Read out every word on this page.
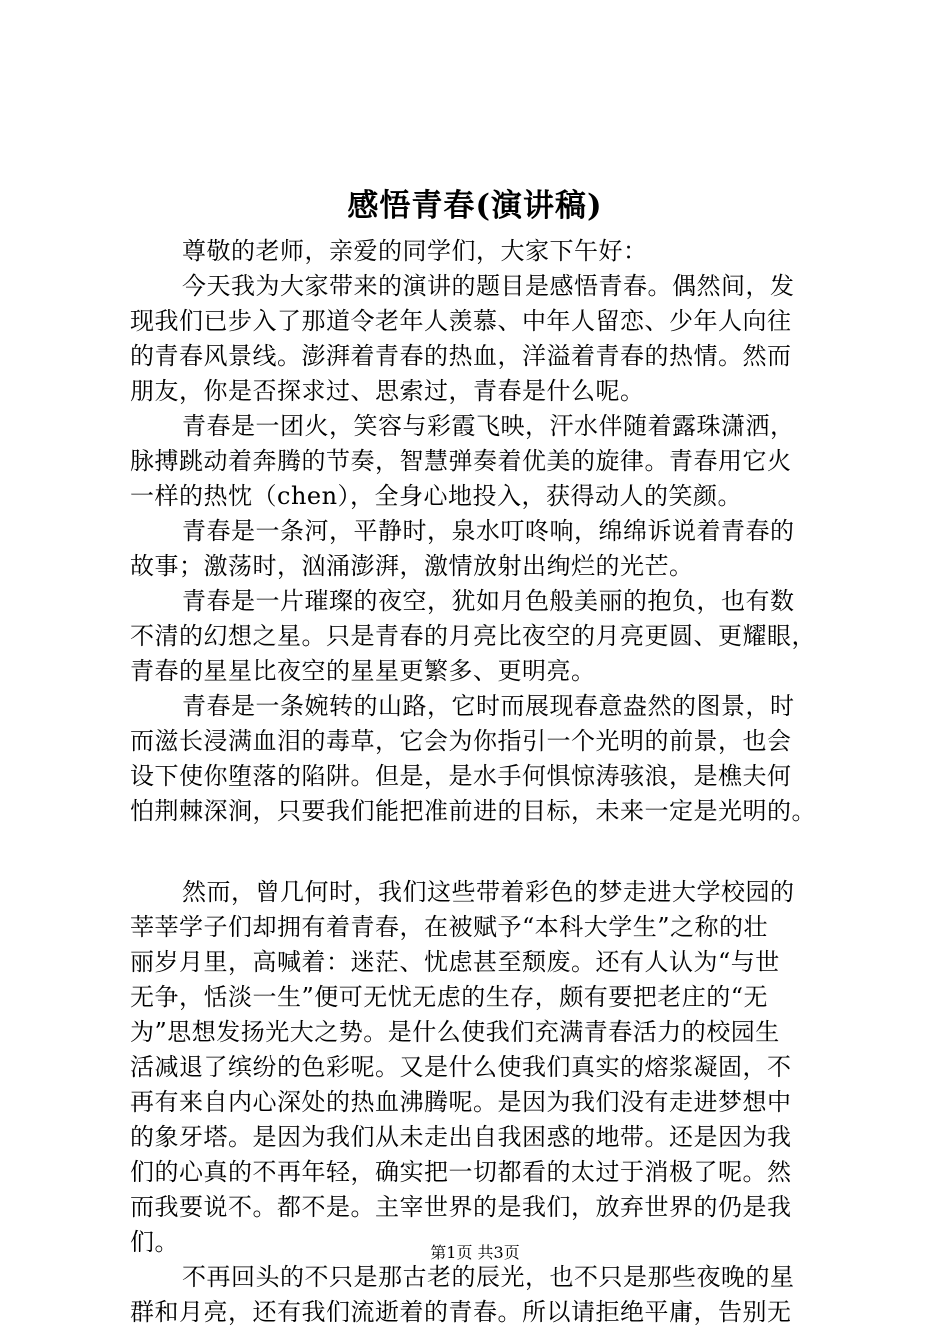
感悟青春(演讲稿)
尊敬的老师，亲爱的同学们，大家下午好：
今天我为大家带来的演讲的题目是感悟青春。偶然间，发
现我们已步入了那道令老年人羡慕、中年人留恋、少年人向往
的青春风景线。澎湃着青春的热血，洋溢着青春的热情。然而
朋友，你是否探求过、思索过，青春是什么呢。
青春是一团火，笑容与彩霞飞映，汗水伴随着露珠潇洒，
脉搏跳动着奔腾的节奏，智慧弹奏着优美的旋律。青春用它火
一样的热忱（chen），全身心地投入，获得动人的笑颜。
青春是一条河，平静时，泉水叮咚响，绵绵诉说着青春的
故事；激荡时，汹涌澎湃，激情放射出绚烂的光芒。
青春是一片璀璨的夜空，犹如月色般美丽的抱负，也有数
不清的幻想之星。只是青春的月亮比夜空的月亮更圆、更耀眼，
青春的星星比夜空的星星更繁多、更明亮。
青春是一条婉转的山路，它时而展现春意盎然的图景，时
而滋长浸满血泪的毒草，它会为你指引一个光明的前景，也会
设下使你堕落的陷阱。但是，是水手何惧惊涛骇浪，是樵夫何
怕荆棘深涧，只要我们能把准前进的目标，未来一定是光明的。
然而，曾几何时，我们这些带着彩色的梦走进大学校园的
莘莘学子们却拥有着青春，在被赋予“本科大学生”之称的壮
丽岁月里，高喊着：迷茫、忧虑甚至颓废。还有人认为“与世
无争，恬淡一生”便可无忧无虑的生存，颇有要把老庄的“无
为”思想发扬光大之势。是什么使我们充满青春活力的校园生
活减退了缤纷的色彩呢。又是什么使我们真实的熔浆凝固，不
再有来自内心深处的热血沸腾呢。是因为我们没有走进梦想中
的象牙塔。是因为我们从未走出自我困惑的地带。还是因为我
们的心真的不再年轻，确实把一切都看的太过于消极了呢。然
而我要说不。都不是。主宰世界的是我们，放弃世界的仍是我
们。
不再回头的不只是那古老的辰光，也不只是那些夜晚的星
群和月亮，还有我们流逝着的青春。所以请拒绝平庸，告别无
第1页 共3页
